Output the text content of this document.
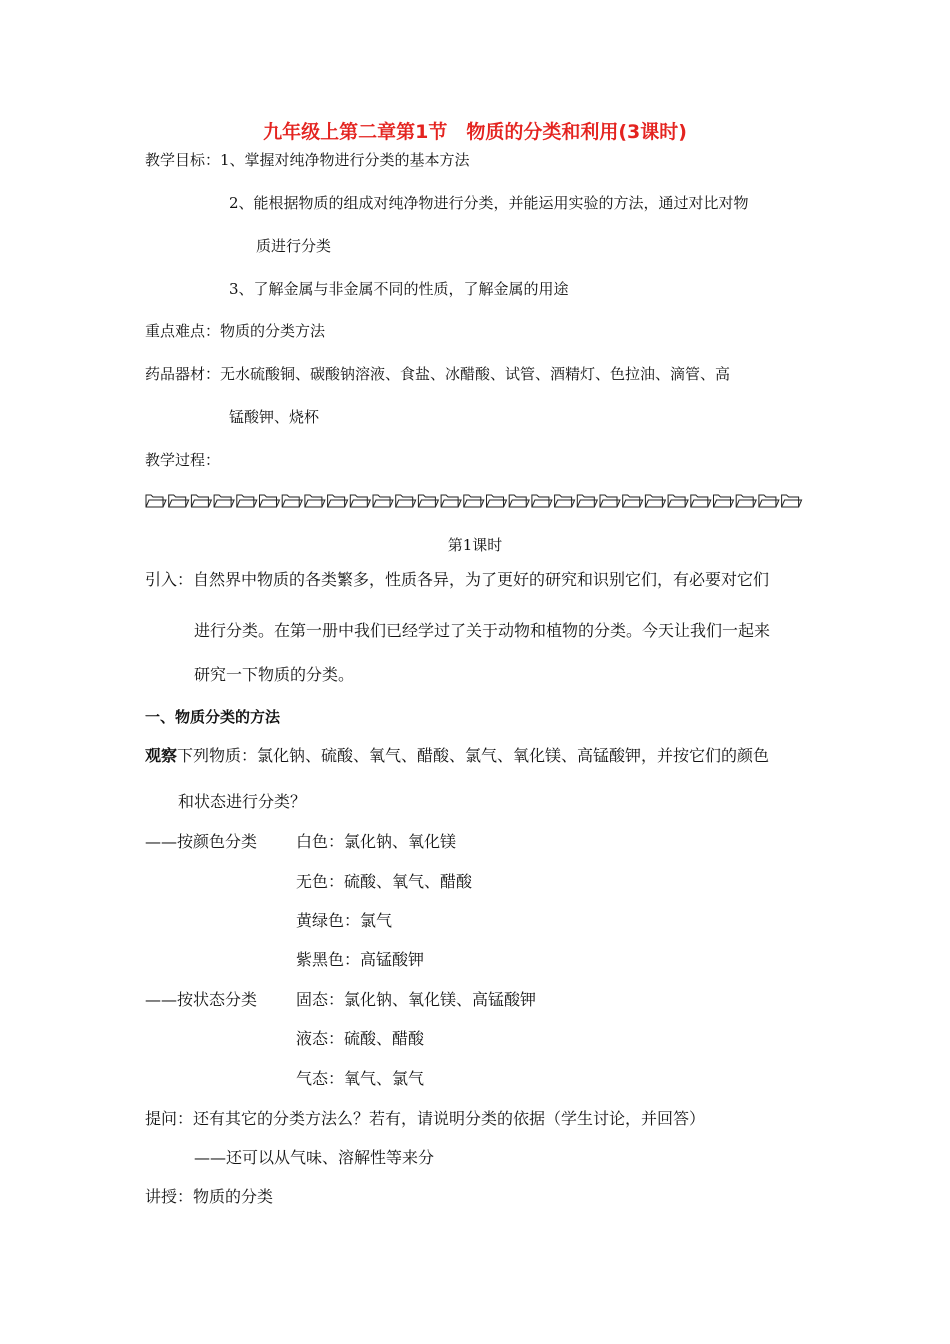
九年级上第二章第1节　物质的分类和利用(3课时)
教学目标：1、掌握对纯净物进行分类的基本方法
2、能根据物质的组成对纯净物进行分类，并能运用实验的方法，通过对比对物
质进行分类
3、了解金属与非金属不同的性质，了解金属的用途
重点难点：物质的分类方法
药品器材：无水硫酸铜、碳酸钠溶液、食盐、冰醋酸、试管、酒精灯、色拉油、滴管、高
锰酸钾、烧杯
教学过程：
第1课时
引入：自然界中物质的各类繁多，性质各异，为了更好的研究和识别它们，有必要对它们
进行分类。在第一册中我们已经学过了关于动物和植物的分类。今天让我们一起来
研究一下物质的分类。
一、物质分类的方法
观察下列物质：氯化钠、硫酸、氧气、醋酸、氯气、氧化镁、高锰酸钾，并按它们的颜色
和状态进行分类？
——按颜色分类 白色：氯化钠、氧化镁
无色：硫酸、氧气、醋酸
黄绿色：氯气
紫黑色：高锰酸钾
——按状态分类 固态：氯化钠、氧化镁、高锰酸钾
液态：硫酸、醋酸
气态：氧气、氯气
提问：还有其它的分类方法么？若有，请说明分类的依据（学生讨论，并回答）
——还可以从气味、溶解性等来分
讲授：物质的分类
